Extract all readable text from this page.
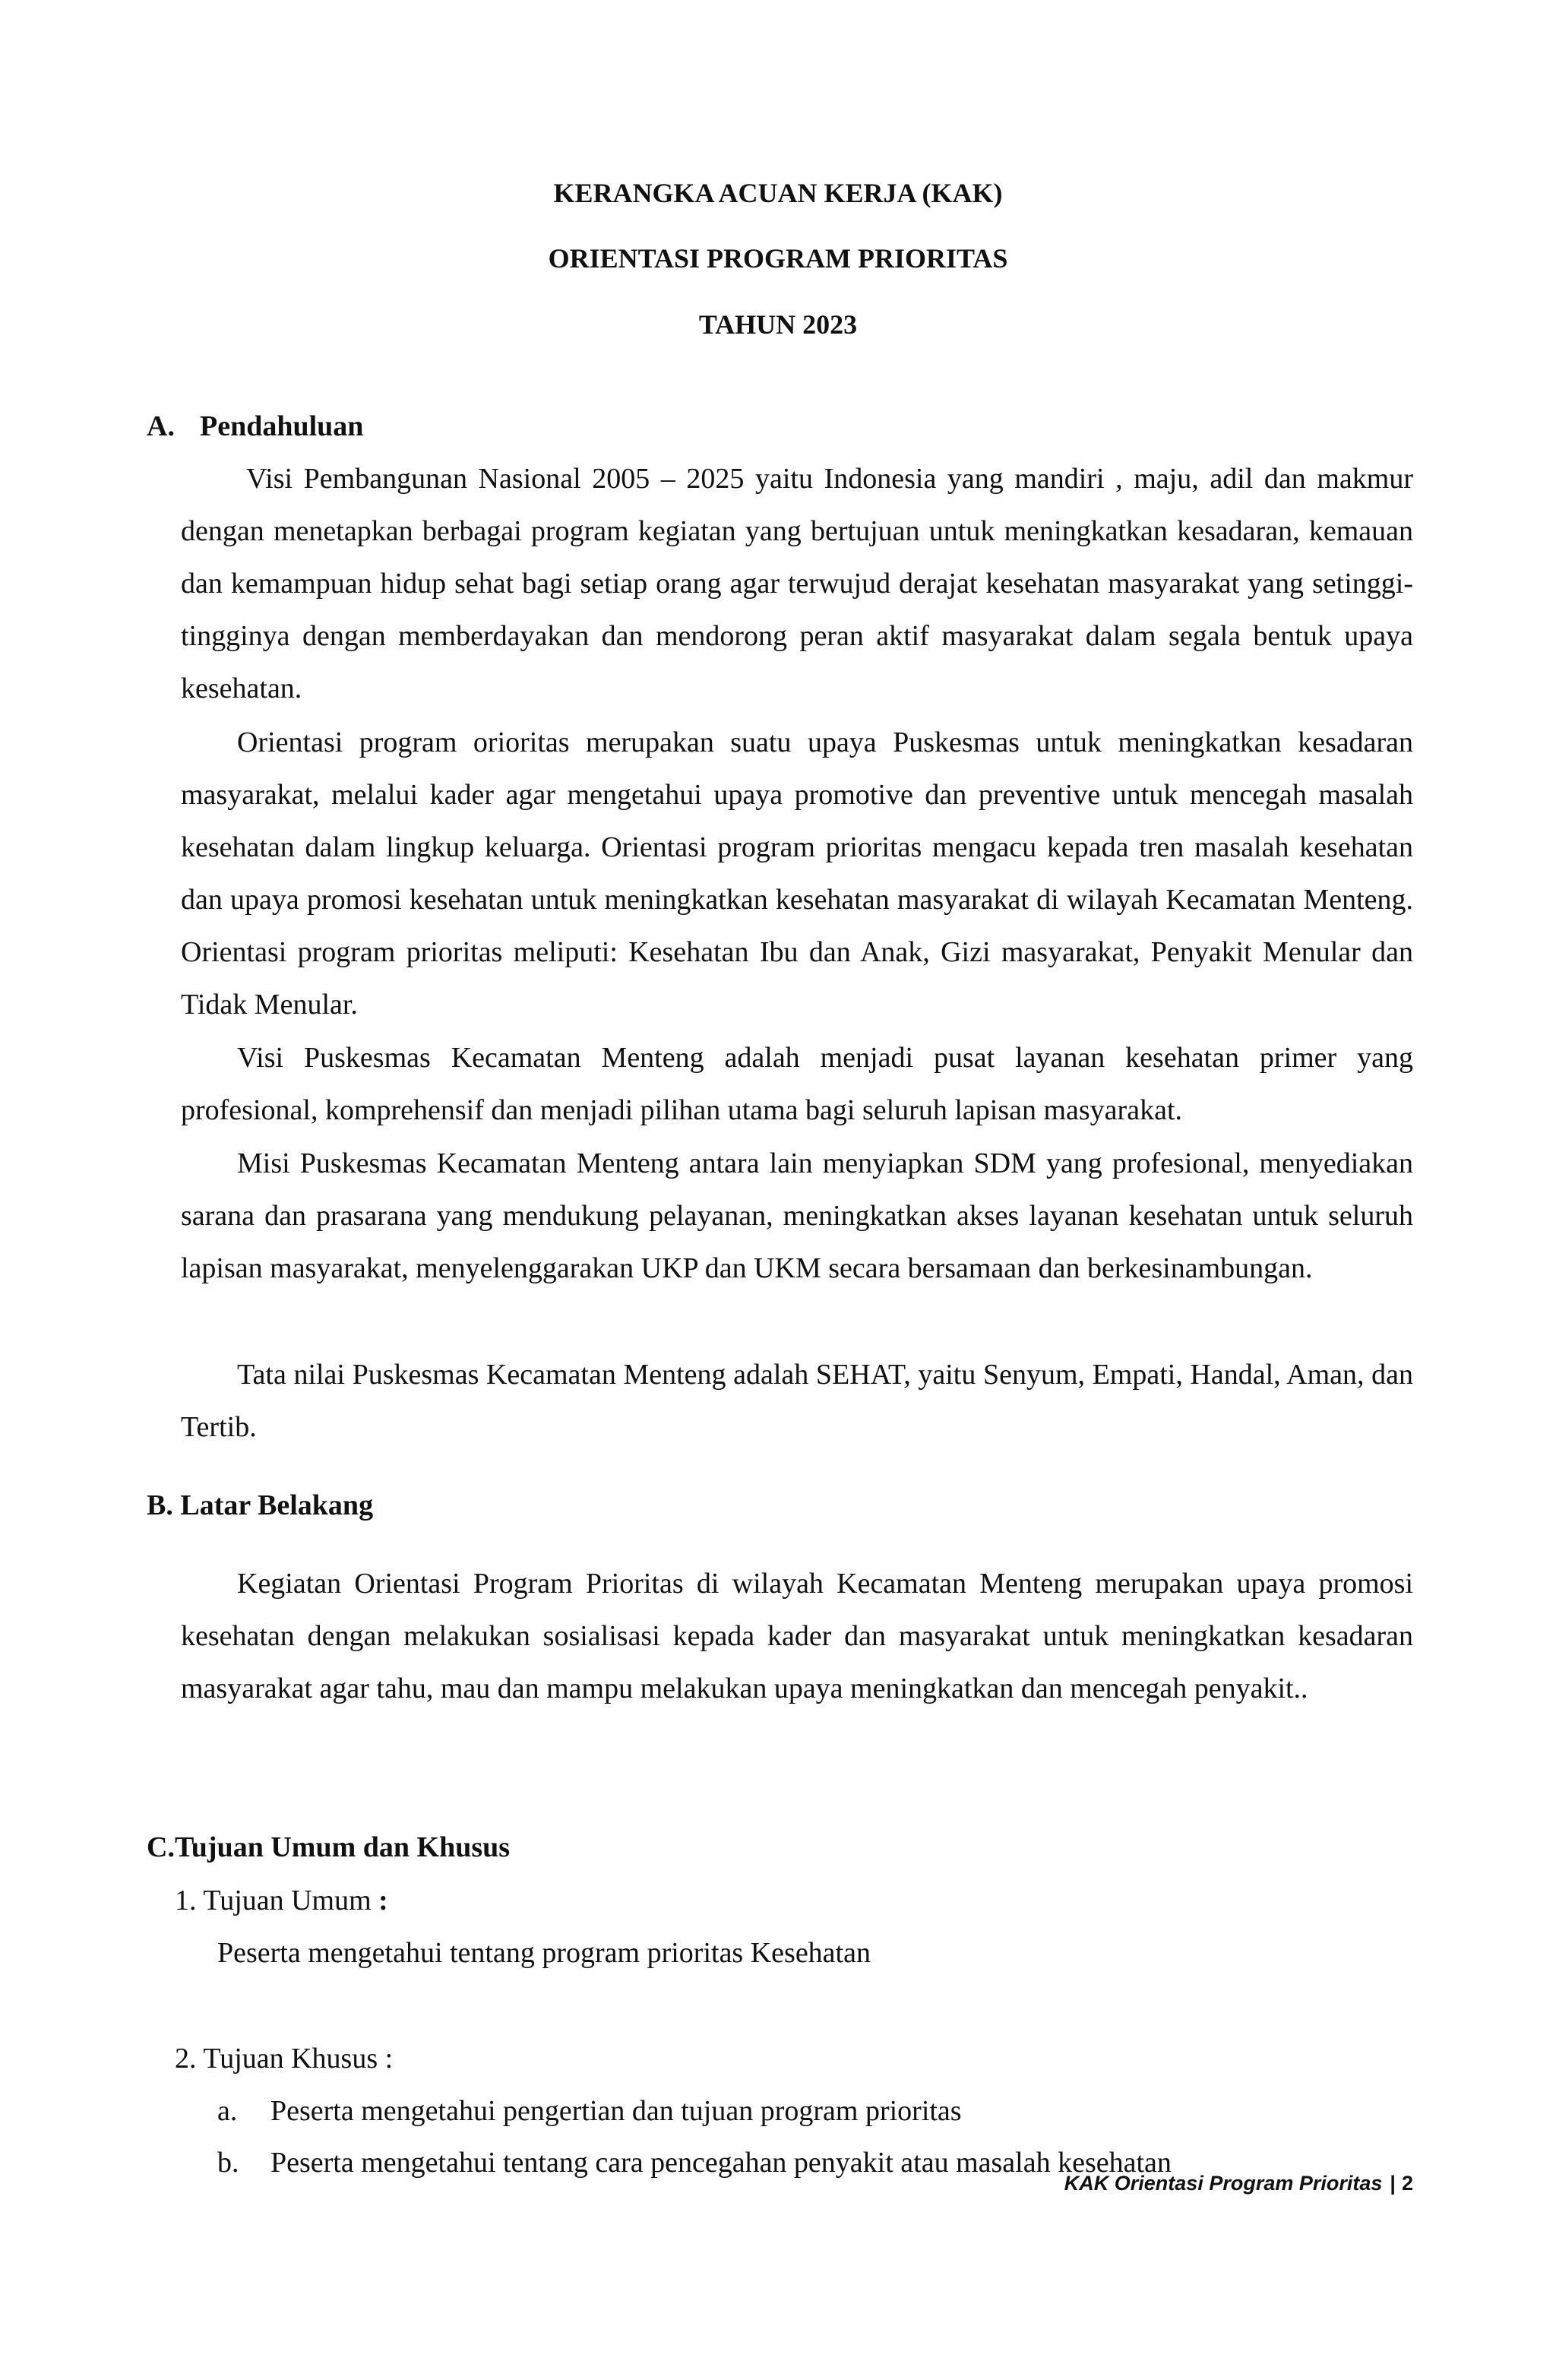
KERANGKA ACUAN KERJA (KAK)
ORIENTASI PROGRAM PRIORITAS
TAHUN 2023
A. Pendahuluan

Visi Pembangunan Nasional 2005 – 2025 yaitu Indonesia yang mandiri , maju, adil dan makmur dengan menetapkan berbagai program kegiatan yang bertujuan untuk meningkatkan kesadaran, kemauan dan kemampuan hidup sehat bagi setiap orang agar terwujud derajat kesehatan masyarakat yang setinggi-tingginya dengan memberdayakan dan mendorong peran aktif masyarakat dalam segala bentuk upaya kesehatan.

Orientasi program orioritas merupakan suatu upaya Puskesmas untuk meningkatkan kesadaran masyarakat, melalui kader agar mengetahui upaya promotive dan preventive untuk mencegah masalah kesehatan dalam lingkup keluarga. Orientasi program prioritas mengacu kepada tren masalah kesehatan dan upaya promosi kesehatan untuk meningkatkan kesehatan masyarakat di wilayah Kecamatan Menteng. Orientasi program prioritas meliputi: Kesehatan Ibu dan Anak, Gizi masyarakat, Penyakit Menular dan Tidak Menular.

Visi Puskesmas Kecamatan Menteng adalah menjadi pusat layanan kesehatan primer yang profesional, komprehensif dan menjadi pilihan utama bagi seluruh lapisan masyarakat.

Misi Puskesmas Kecamatan Menteng antara lain menyiapkan SDM yang profesional, menyediakan sarana dan prasarana yang mendukung pelayanan, meningkatkan akses layanan kesehatan untuk seluruh lapisan masyarakat, menyelenggarakan UKP dan UKM secara bersamaan dan berkesinambungan.

Tata nilai Puskesmas Kecamatan Menteng adalah SEHAT, yaitu Senyum, Empati, Handal, Aman, dan Tertib.

B. Latar Belakang

Kegiatan Orientasi Program Prioritas di wilayah Kecamatan Menteng merupakan upaya promosi kesehatan dengan melakukan sosialisasi kepada kader dan masyarakat untuk meningkatkan kesadaran masyarakat agar tahu, mau dan mampu melakukan upaya meningkatkan dan mencegah penyakit..

C.Tujuan Umum dan Khusus

1. Tujuan Umum :

Peserta mengetahui tentang program prioritas Kesehatan

2. Tujuan Khusus :

a. Peserta mengetahui pengertian dan tujuan program prioritas

b. Peserta mengetahui tentang cara pencegahan penyakit atau masalah kesehatan

KAK Orientasi Program Prioritas | 2
